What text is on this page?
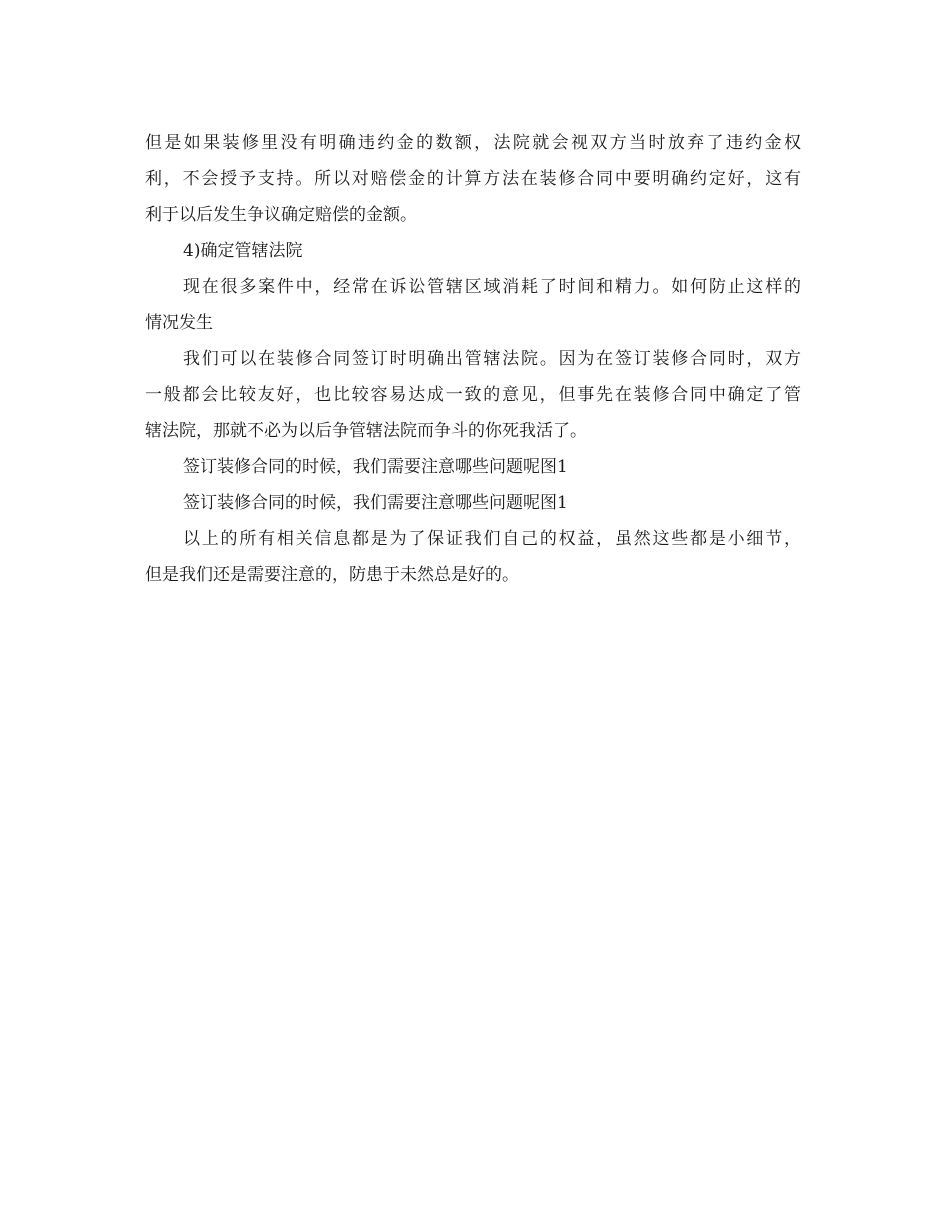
但是如果装修里没有明确违约金的数额，法院就会视双方当时放弃了违约金权
利，不会授予支持。所以对赔偿金的计算方法在装修合同中要明确约定好，这有
利于以后发生争议确定赔偿的金额。
4)确定管辖法院
现在很多案件中，经常在诉讼管辖区域消耗了时间和精力。如何防止这样的
情况发生
我们可以在装修合同签订时明确出管辖法院。因为在签订装修合同时，双方
一般都会比较友好，也比较容易达成一致的意见，但事先在装修合同中确定了管
辖法院，那就不必为以后争管辖法院而争斗的你死我活了。
签订装修合同的时候，我们需要注意哪些问题呢图1
签订装修合同的时候，我们需要注意哪些问题呢图1
以上的所有相关信息都是为了保证我们自己的权益，虽然这些都是小细节，
但是我们还是需要注意的，防患于未然总是好的。
